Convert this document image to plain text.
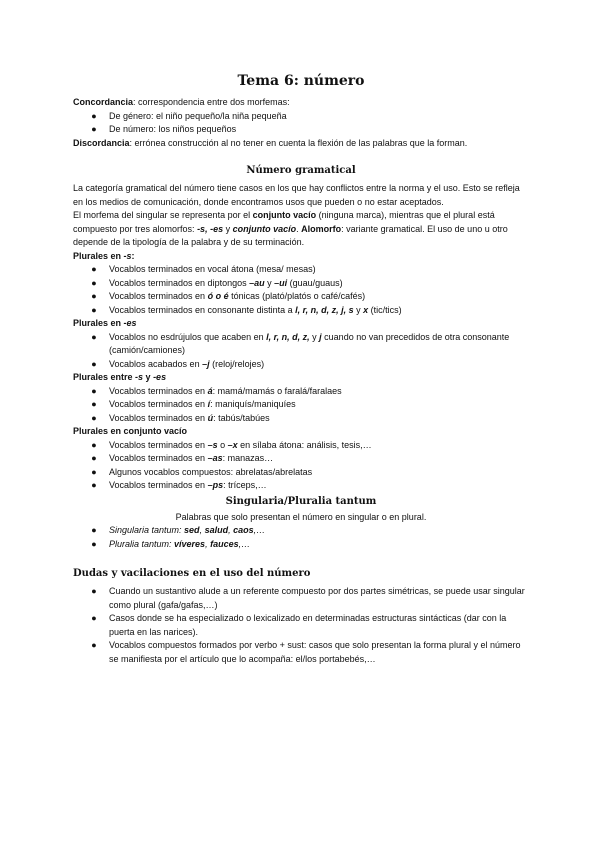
Tema 6: número

Concordancia: correspondencia entre dos morfemas:

● De género: el niño pequeño/la niña pequeña
● De número: los niños pequeños

Discordancia: errónea construcción al no tener en cuenta la flexión de las palabras que la forman.

Número gramatical

La categoría gramatical del número tiene casos en los que hay conflictos entre la norma y el uso. Esto se refleja en los medios de comunicación, donde encontramos usos que pueden o no estar aceptados.

El morfema del singular se representa por el conjunto vacío (ninguna marca), mientras que el plural está compuesto por tres alomorfos: -s, -es y conjunto vacío. Alomorfo: variante gramatical. El uso de uno u otro depende de la tipología de la palabra y de su terminación.

Plurales en -s:

● Vocablos terminados en vocal átona (mesa/ mesas)
● Vocablos terminados en diptongos –au y –ui (guau/guaus)
● Vocablos terminados en ó o é tónicas (plató/platós o café/cafés)
● Vocablos terminados en consonante distinta a l, r, n, d, z, j, s y x (tic/tics)

Plurales en -es

● Vocablos no esdrújulos que acaben en l, r, n, d, z, y j cuando no van precedidos de otra consonante (camión/camiones)
● Vocablos acabados en –j (reloj/relojes)

Plurales entre -s y -es

● Vocablos terminados en á: mamá/mamás o faralá/faralaes
● Vocablos terminados en í: maniquís/maniquíes
● Vocablos terminados en ú: tabús/tabúes

Plurales en conjunto vacío

● Vocablos terminados en –s o –x en sílaba átona: análisis, tesis,…
● Vocablos terminados en –as: manazas…
● Algunos vocablos compuestos: abrelatas/abrelatas
● Vocablos terminados en –ps: tríceps,…
Singularia/Pluralia tantum

Palabras que solo presentan el número en singular o en plural.

● Singularia tantum: sed, salud, caos,…
● Pluralia tantum: víveres, fauces,…
Dudas y vacilaciones en el uso del número
● Cuando un sustantivo alude a un referente compuesto por dos partes simétricas, se puede usar singular como plural (gafa/gafas,…)
● Casos donde se ha especializado o lexicalizado en determinadas estructuras sintácticas (dar con la puerta en las narices).
● Vocablos compuestos formados por verbo + sust: casos que solo presentan la forma plural y el número se manifiesta por el artículo que lo acompaña: el/los portabebés,…
